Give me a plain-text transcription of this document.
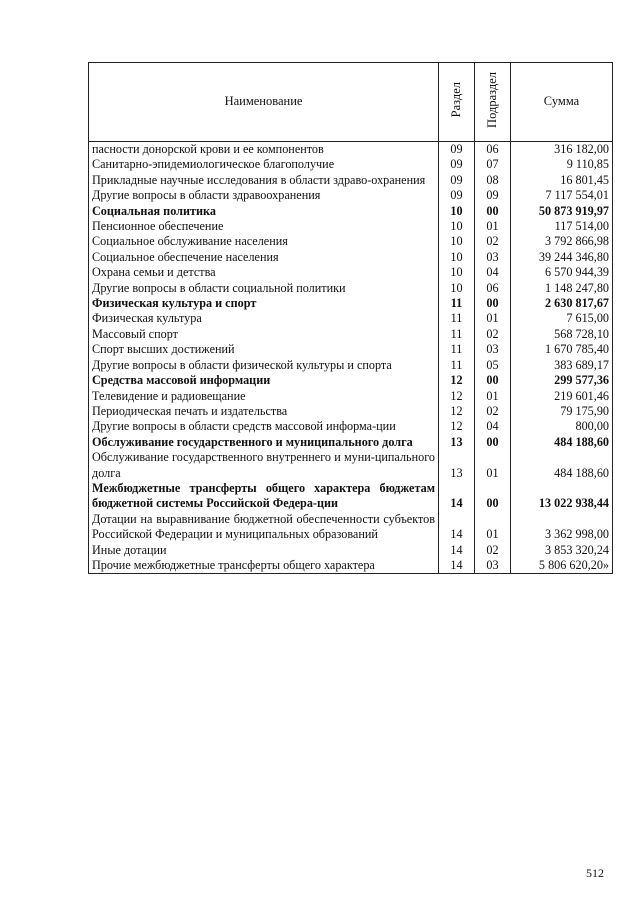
Наименование	Раздел	Подраздел	Сумма
пасности донорской крови и ее компонентов	09	06	316 182,00
Санитарно-эпидемиологическое благополучие	09	07	9 110,85
Прикладные научные исследования в области здраво-охранения	09	08	16 801,45
Другие вопросы в области здравоохранения	09	09	7 117 554,01
Социальная политика	10	00	50 873 919,97
Пенсионное обеспечение	10	01	117 514,00
Социальное обслуживание населения	10	02	3 792 866,98
Социальное обеспечение населения	10	03	39 244 346,80
Охрана семьи и детства	10	04	6 570 944,39
Другие вопросы в области социальной политики	10	06	1 148 247,80
Физическая культура и спорт	11	00	2 630 817,67
Физическая культура	11	01	7 615,00
Массовый спорт	11	02	568 728,10
Спорт высших достижений	11	03	1 670 785,40
Другие вопросы в области физической культуры и спорта	11	05	383 689,17
Средства массовой информации	12	00	299 577,36
Телевидение и радиовещание	12	01	219 601,46
Периодическая печать и издательства	12	02	79 175,90
Другие вопросы в области средств массовой информа-ции	12	04	800,00
Обслуживание государственного и муниципального долга	13	00	484 188,60
Обслуживание государственного внутреннего и муни-ципального долга	13	01	484 188,60
Межбюджетные трансферты общего характера бюджетам бюджетной системы Российской Федера-ции	14	00	13 022 938,44
Дотации на выравнивание бюджетной обеспеченности субъектов Российской Федерации и муниципальных образований	14	01	3 362 998,00
Иные дотации	14	02	3 853 320,24
Прочие межбюджетные трансферты общего характера	14	03	5 806 620,20»
512
